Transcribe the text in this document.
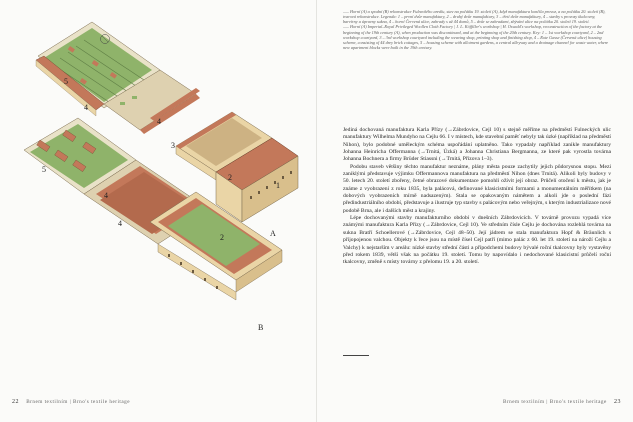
5
4
3
2
1
4
A
5
4
4
2
B

—– Horní (A) a spodní (B) rekonstrukce Fulneckého areálu, stav na počátku 19. století (A), když manufaktura končila provoz, a na počátku 20. století (B), tvarová rekonstrukce. Legenda: 1 – první dvůr manufaktury, 2 – druhý dvůr manufaktury, 3 – třetí dvůr manufaktury, 4 – stavby s provozy tkalcovny, barvírny a úpravny sukna, 4 – horní Červená ulice, zahrady s až 44 domů, 5 – dvůr se zahradami, zbývání ulice na počátku 20. století 19. století.

—– Horní (A) Imperial–Royal Privileged Woollen Cloth Factory | J. L. Köffiller's workshop | H. Oswald's workshop, reconstruction of the factory at the beginning of the 19th century (A), when production was discontinued, and at the beginning of the 20th century. Key: 1 – 1st workshop courtyard, 2 – 2nd workshop courtyard, 3 – 3rd workshop courtyard including the weaving shop, printing shop and finishing shop, 4 – Rote Gasse (Červená ulice) housing scheme, consisting of 44 drey brick cottages, 5 – housing scheme with allotment gardens, a central alleyway and a drainage channel for waste water, where new apartment blocks were built in the 19th century.

Jediná dochovaná manufaktura Karla Přízy (→Zábrdovice, Cejl 10) s stejně měříme na předměstí Fulneckých ulic manufaktury Wilhelma Mundyho na Cejlu 66. I v místech, kde stavební paměť nebyly tak úzké (například na předměstí Nihon), bylo podobné uměleckým schéma uspořádání uplatněno. Tako vypadaly například zanikle manufaktury Johanna Heinricha Offermanna (→Trnitá, Úzká) a Johanna Christiana Bergmanna, ze které pak vyrostla továrna Johanna Bochnera a firmy Brüder Stiassni (→Trnitá, Přízova 1–3).

Podobu staveb většiny těchto manufaktur neznáme, plány města pouze zachytily jejich půdorysnou stopu. Mezi zaniklými představuje výjimku Offermannova manufaktura na předměstí Nihon (dnes Trnitá). Alikoli byly budovy v 50. letech 20. století zbořeny, četné obrazové dokumentace pomohli ožívit její obraz. Průčelí otočení k městu, jak je známe z vyobrazení z roku 1835, byla palácová, definované klasicistními formami a monumentálním měřítkem (na dobových vyobrazeních mírně nadsazeným). Stala se opakovaným námětem a alkoli jde o poslední fázi předindustriálního období, představuje a ilustruje typ stavby s palácovým nebo veřejným, s kterým industrializace nové podobě Brna, ale i dalších měst a krajiny.

Lépe dochovanými stavby manufakturního období v dnešních Zábrdovicích. V továrně provozu vypadá více známými manufaktura Karla Přízy (→Zábrdovice, Cejl 10). Ve středním čísle Cejlu je dochována rozlehlá továrna na sukna Bratří Schoellerové (→Zábrdovice, Cejl 48–50). Její jádrem se stala manufaktura Hopf & Bräunlich s příjopojenou valchou. Objekty k řece jsou na místě čísel Cejl patří (mimo palác z 60. let 19. století na nároží Cejlu a Valchy) k nejstarším v areálu: nízké stavby střední části a přípodchemi budovy bývalé roční tkalcovny byly vystavěny před rokem 1839, větší však na počátku 19. století. Tomu by napovídalo i nedochované klasicistní průčelí roční tkalcovny, změně s místy továrny z přelomu 19. a 20. století.

22 Brnem textilním | Brno's textile heritage	Brnem textilním | Brno's textile heritage 23
